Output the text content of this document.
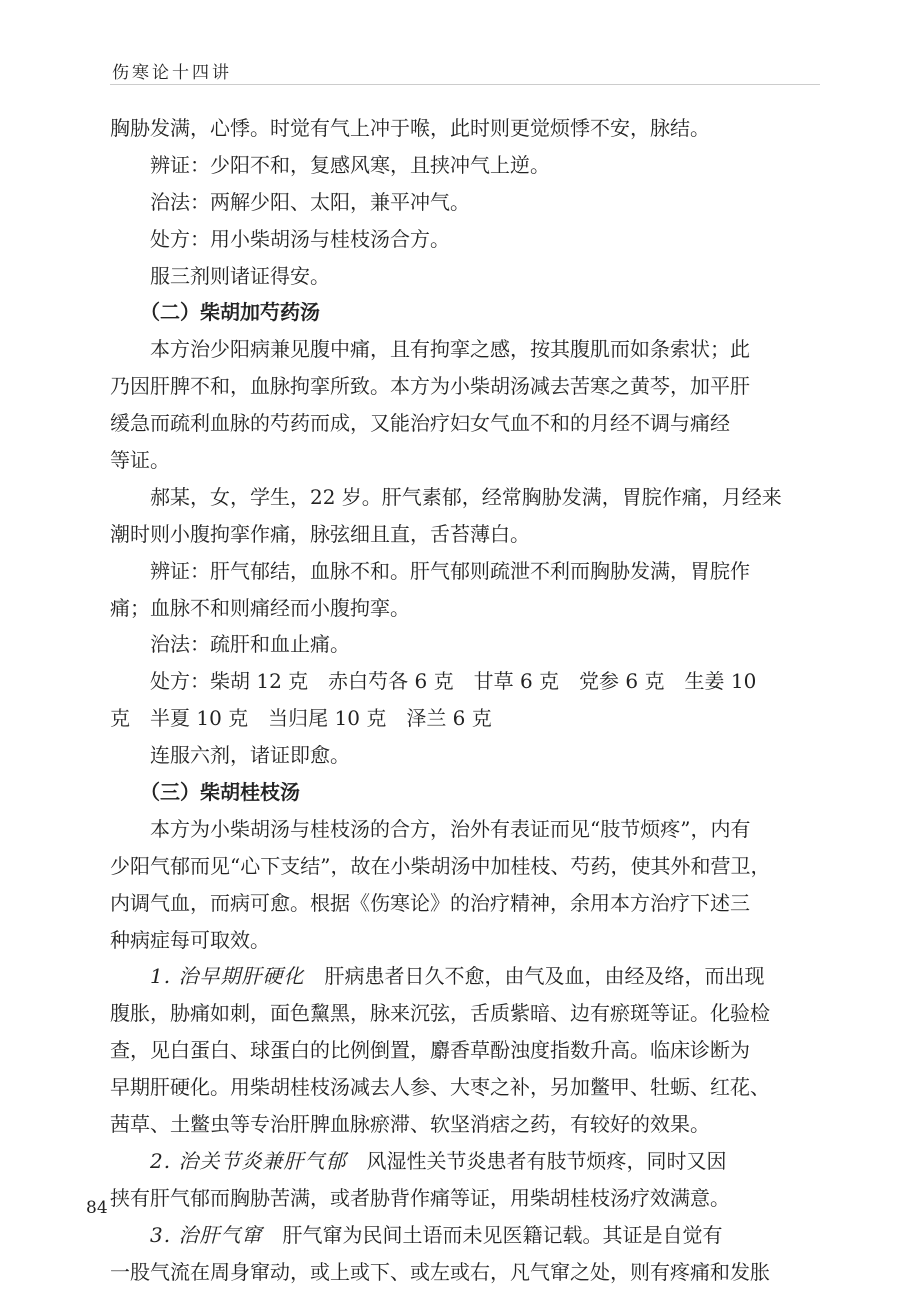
伤寒论十四讲
胸胁发满，心悸。时觉有气上冲于喉，此时则更觉烦悸不安，脉结。
辨证：少阳不和，复感风寒，且挟冲气上逆。
治法：两解少阳、太阳，兼平冲气。
处方：用小柴胡汤与桂枝汤合方。
服三剂则诸证得安。
（二）柴胡加芍药汤
本方治少阳病兼见腹中痛，且有拘挛之感，按其腹肌而如条索状；此
乃因肝脾不和，血脉拘挛所致。本方为小柴胡汤减去苦寒之黄芩，加平肝
缓急而疏利血脉的芍药而成，又能治疗妇女气血不和的月经不调与痛经
等证。
郝某，女，学生，22 岁。肝气素郁，经常胸胁发满，胃脘作痛，月经来
潮时则小腹拘挛作痛，脉弦细且直，舌苔薄白。
辨证：肝气郁结，血脉不和。肝气郁则疏泄不利而胸胁发满，胃脘作
痛；血脉不和则痛经而小腹拘挛。
治法：疏肝和血止痛。
处方：柴胡 12 克　赤白芍各 6 克　甘草 6 克　党参 6 克　生姜 10
克　半夏 10 克　当归尾 10 克　泽兰 6 克
连服六剂，诸证即愈。
（三）柴胡桂枝汤
本方为小柴胡汤与桂枝汤的合方，治外有表证而见“肢节烦疼”，内有
少阳气郁而见“心下支结”，故在小柴胡汤中加桂枝、芍药，使其外和营卫，
内调气血，而病可愈。根据《伤寒论》的治疗精神，余用本方治疗下述三
种病症每可取效。
1. 治早期肝硬化　肝病患者日久不愈，由气及血，由经及络，而出现
腹胀，胁痛如刺，面色黧黑，脉来沉弦，舌质紫暗、边有瘀斑等证。化验检
查，见白蛋白、球蛋白的比例倒置，麝香草酚浊度指数升高。临床诊断为
早期肝硬化。用柴胡桂枝汤减去人参、大枣之补，另加鳖甲、牡蛎、红花、
茜草、土鳖虫等专治肝脾血脉瘀滞、软坚消痞之药，有较好的效果。
2. 治关节炎兼肝气郁　风湿性关节炎患者有肢节烦疼，同时又因
挟有肝气郁而胸胁苦满，或者胁背作痛等证，用柴胡桂枝汤疗效满意。
3. 治肝气窜　肝气窜为民间土语而未见医籍记载。其证是自觉有
一股气流在周身窜动，或上或下、或左或右，凡气窜之处，则有疼痛和发胀
84
